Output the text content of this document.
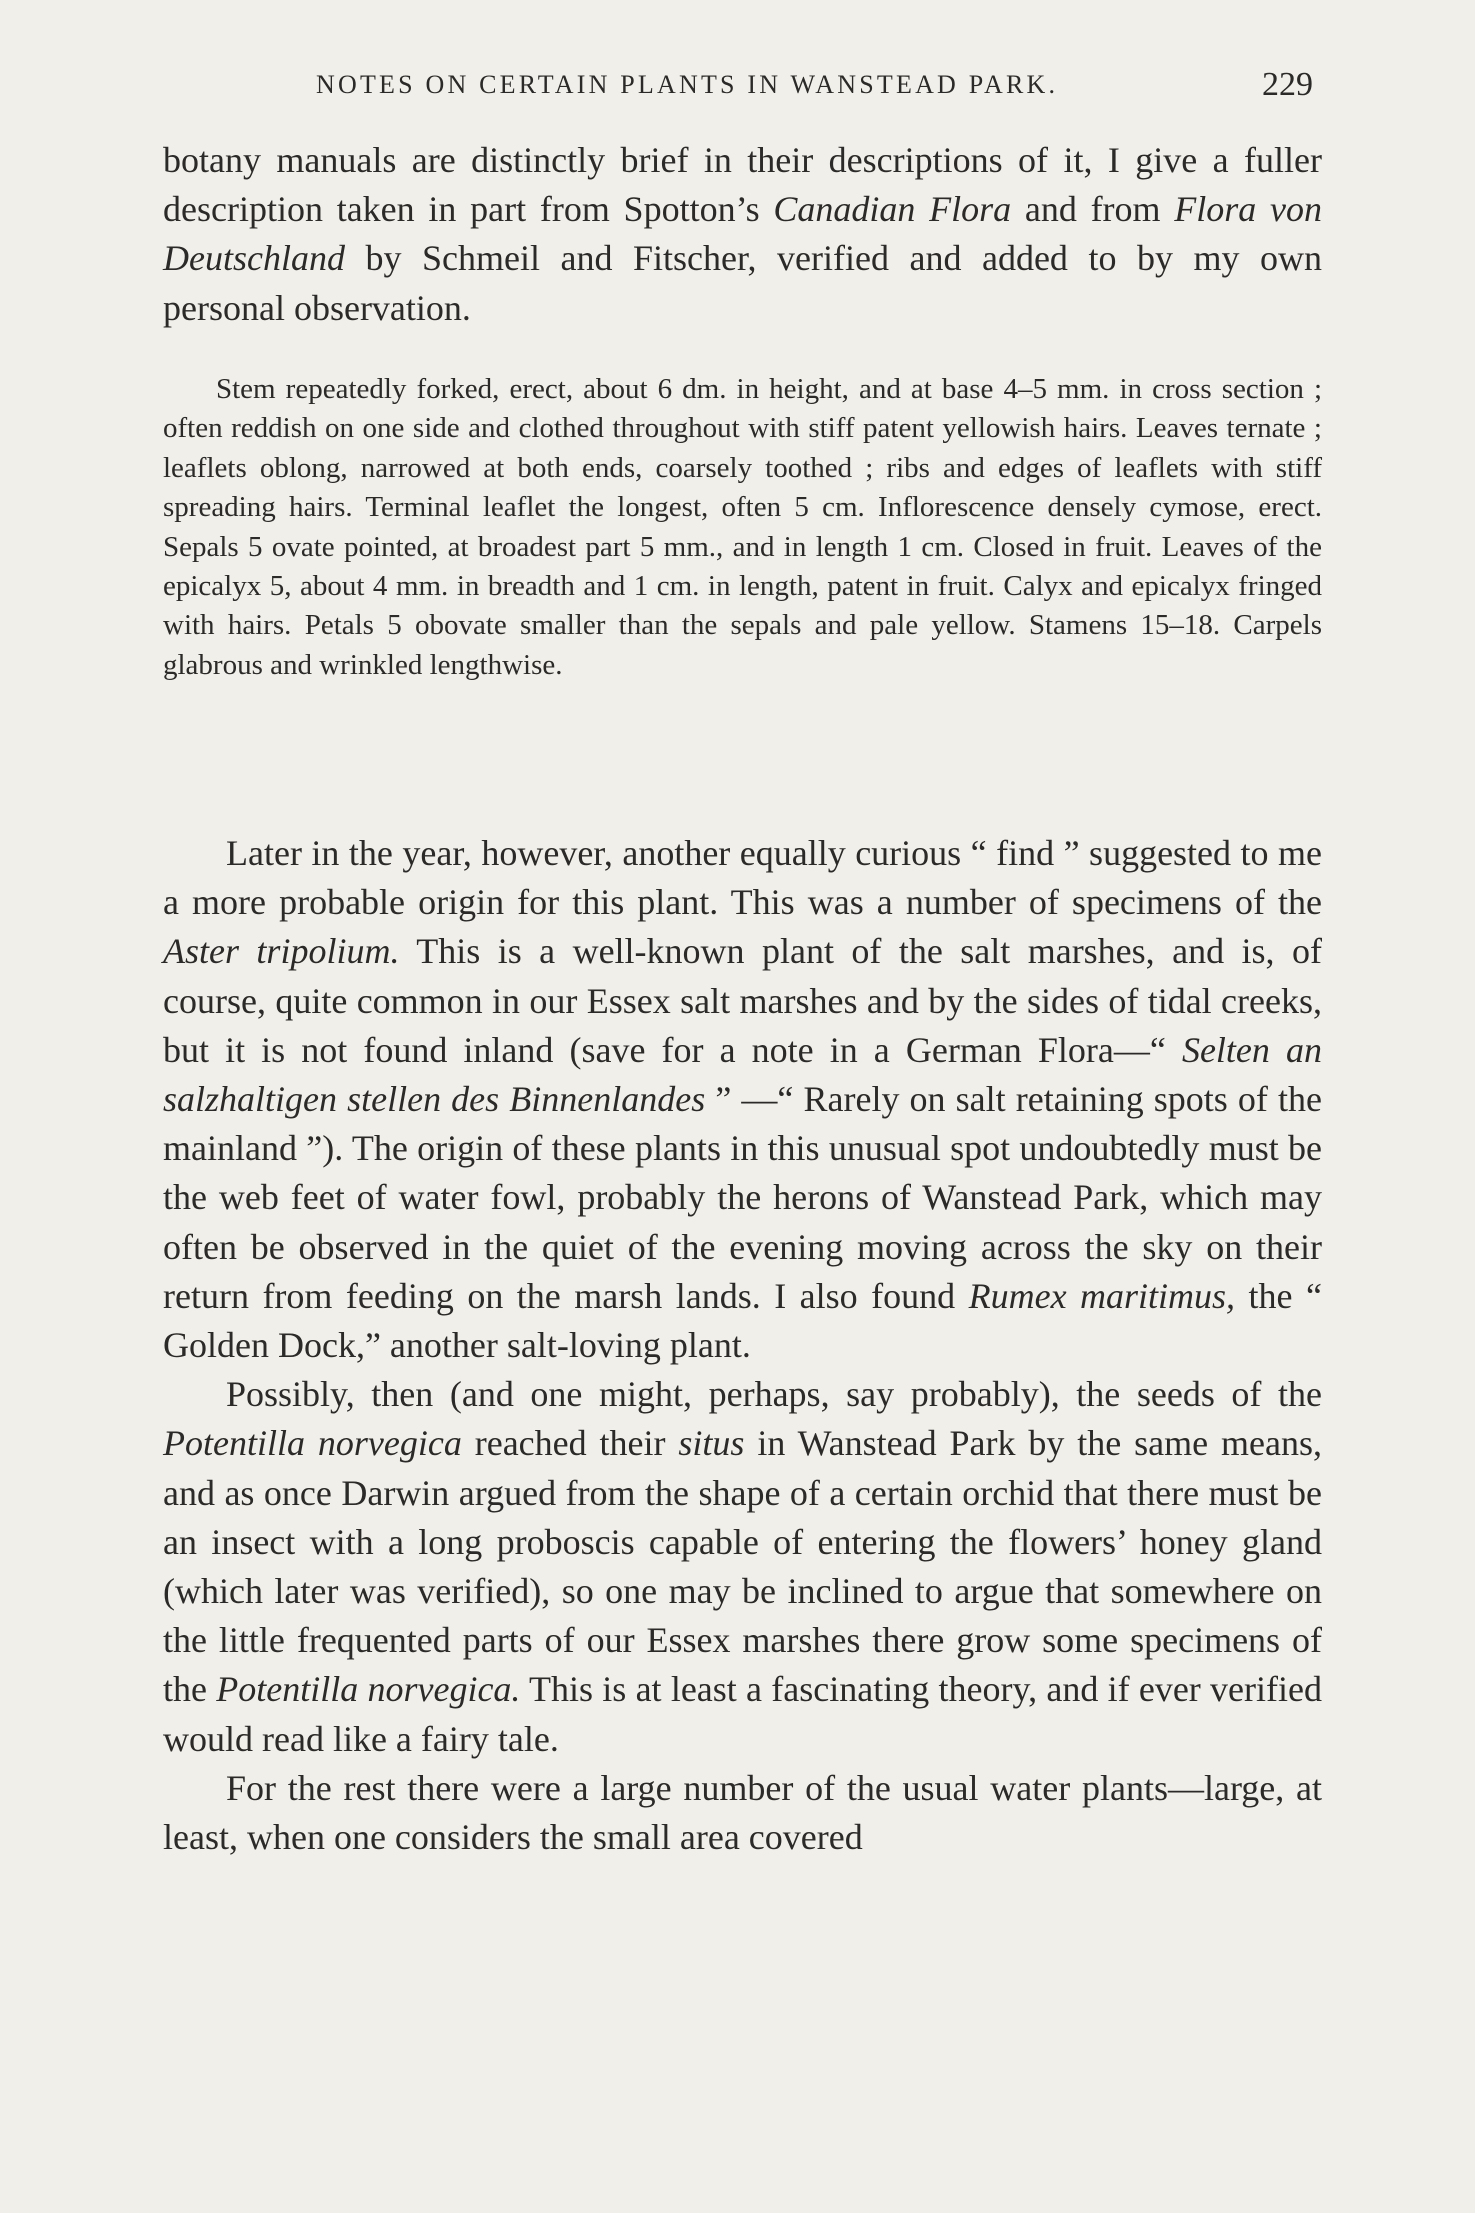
NOTES ON CERTAIN PLANTS IN WANSTEAD PARK.	229

botany manuals are distinctly brief in their descriptions of it, I give a fuller description taken in part from Spotton’s Canadian Flora and from Flora von Deutschland by Schmeil and Fitscher, verified and added to by my own personal observation.

Stem repeatedly forked, erect, about 6 dm. in height, and at base 4–5 mm. in cross section ; often reddish on one side and clothed throughout with stiff patent yellowish hairs. Leaves ternate ; leaflets oblong, narrowed at both ends, coarsely toothed ; ribs and edges of leaflets with stiff spreading hairs. Terminal leaflet the longest, often 5 cm. Inflorescence densely cymose, erect. Sepals 5 ovate pointed, at broadest part 5 mm., and in length 1 cm. Closed in fruit. Leaves of the epicalyx 5, about 4 mm. in breadth and 1 cm. in length, patent in fruit. Calyx and epicalyx fringed with hairs. Petals 5 obovate smaller than the sepals and pale yellow. Stamens 15–18. Carpels glabrous and wrinkled lengthwise.

Later in the year, however, another equally curious “ find ” suggested to me a more probable origin for this plant. This was a number of specimens of the Aster tripolium. This is a well-known plant of the salt marshes, and is, of course, quite common in our Essex salt marshes and by the sides of tidal creeks, but it is not found inland (save for a note in a German Flora—“ Selten an salzhaltigen stellen des Binnenlandes ” —“ Rarely on salt retaining spots of the mainland ”). The origin of these plants in this unusual spot undoubtedly must be the web feet of water fowl, probably the herons of Wanstead Park, which may often be observed in the quiet of the evening moving across the sky on their return from feeding on the marsh lands. I also found Rumex maritimus, the “ Golden Dock,” another salt-loving plant.

Possibly, then (and one might, perhaps, say probably), the seeds of the Potentilla norvegica reached their situs in Wanstead Park by the same means, and as once Darwin argued from the shape of a certain orchid that there must be an insect with a long proboscis capable of entering the flowers’ honey gland (which later was verified), so one may be inclined to argue that somewhere on the little frequented parts of our Essex marshes there grow some specimens of the Potentilla norvegica. This is at least a fascinating theory, and if ever verified would read like a fairy tale.

For the rest there were a large number of the usual water plants—large, at least, when one considers the small area covered
